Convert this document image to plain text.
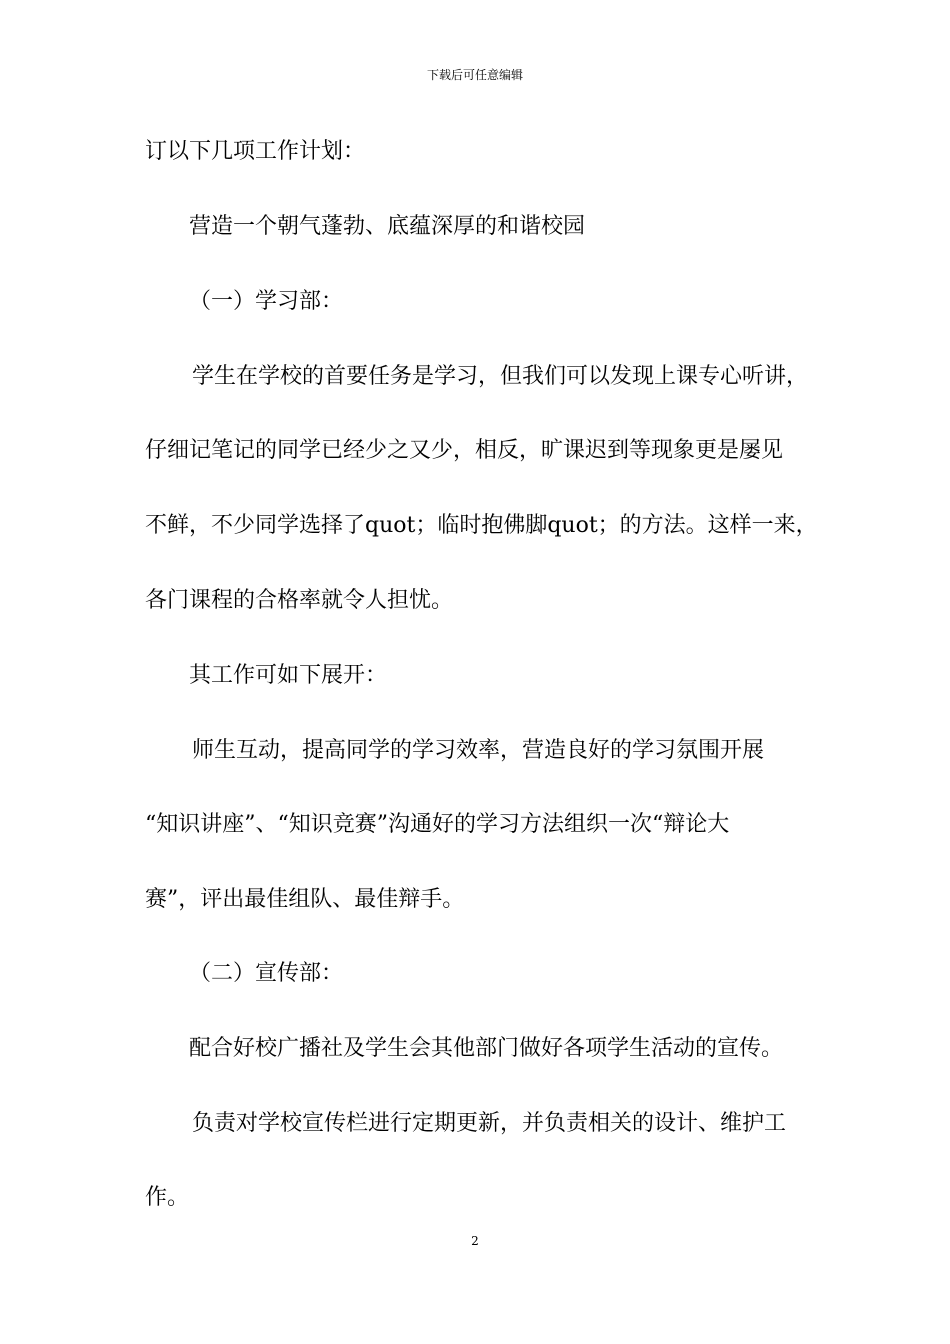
下载后可任意编辑
订以下几项工作计划：
营造一个朝气蓬勃、底蕴深厚的和谐校园
（一）学习部：
学生在学校的首要任务是学习，但我们可以发现上课专心听讲，
仔细记笔记的同学已经少之又少，相反，旷课迟到等现象更是屡见
不鲜，不少同学选择了quot；临时抱佛脚quot；的方法。这样一来，
各门课程的合格率就令人担忧。
其工作可如下展开：
师生互动，提高同学的学习效率，营造良好的学习氛围开展
“知识讲座”、“知识竞赛”沟通好的学习方法组织一次“辩论大
赛”，评出最佳组队、最佳辩手。
（二）宣传部：
配合好校广播社及学生会其他部门做好各项学生活动的宣传。
负责对学校宣传栏进行定期更新，并负责相关的设计、维护工
作。
2
